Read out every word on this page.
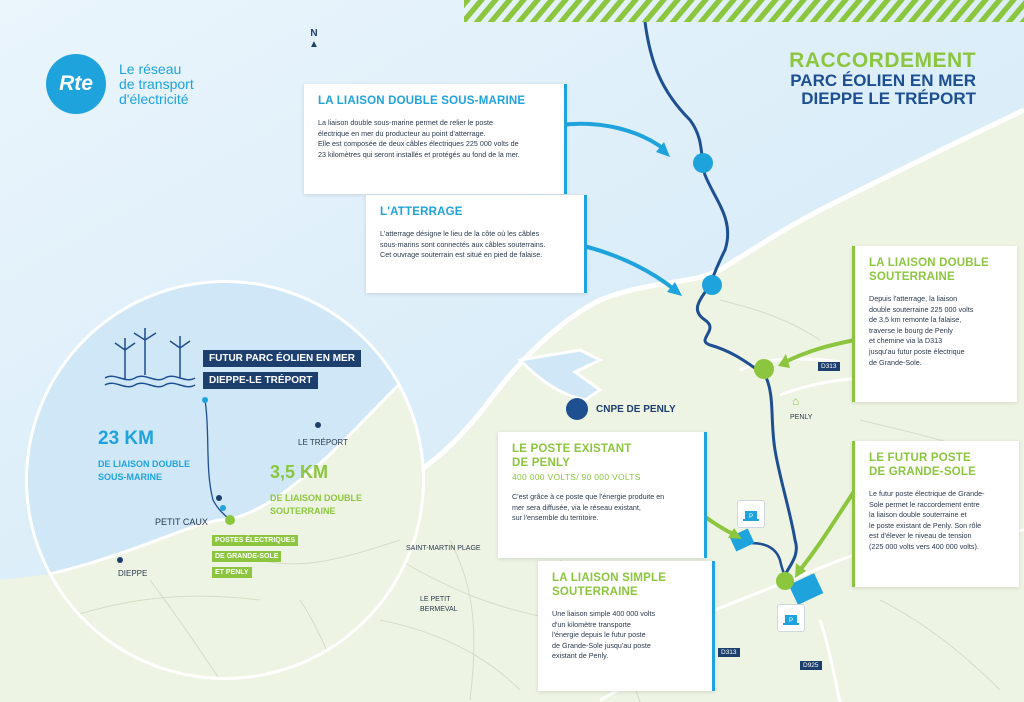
Rte
Le réseau
de transport
d'électricité
N
▲
RACCORDEMENT
PARC ÉOLIEN EN MER
DIEPPE LE TRÉPORT
LA LIAISON DOUBLE SOUS-MARINE
La liaison double sous-marine permet de relier le poste
électrique en mer du producteur au point d'atterrage.
Elle est composée de deux câbles électriques 225 000 volts de
23 kilomètres qui seront installés et protégés au fond de la mer.
L'ATTERRAGE
L'atterrage désigne le lieu de la côte où les câbles
sous-marins sont connectés aux câbles souterrains.
Cet ouvrage souterrain est situé en pied de falaise.
LA LIAISON DOUBLE
SOUTERRAINE
Depuis l'atterrage, la liaison
double souterraine 225 000 volts
de 3,5 km remonte la falaise,
traverse le bourg de Penly
et chemine via la D313
jusqu'au futur poste électrique
de Grande-Sole.
LE POSTE EXISTANT
DE PENLY
400 000 VOLTS/ 90 000 VOLTS
C'est grâce à ce poste que l'énergie produite en
mer sera diffusée, via le réseau existant,
sur l'ensemble du territoire.
LE FUTUR POSTE
DE GRANDE-SOLE
Le futur poste électrique de Grande-
Sole permet le raccordement entre
la liaison double souterraine et
le poste existant de Penly. Son rôle
est d'élever le niveau de tension
(225 000 volts vers 400 000 volts).
LA LIAISON SIMPLE
SOUTERRAINE
Une liaison simple 400 000 volts
d'un kilomètre transporte
l'énergie depuis le futur poste
de Grande-Sole jusqu'au poste
existant de Penly.
CNPE DE PENLY
⌂
PENLY
SAINT-MARTIN PLAGE
LE PETIT
BERMEVAL
D313
D313
D925
P
P
FUTUR PARC ÉOLIEN EN MER
DIEPPE-LE TRÉPORT
23 KM
DE LIAISON DOUBLE
SOUS-MARINE	3,5 KM
DE LIAISON DOUBLE
SOUTERRAINE
LE TRÉPORT
PETIT CAUX
DIEPPE
POSTES ÉLECTRIQUES
DE GRANDE-SOLE
ET PENLY
